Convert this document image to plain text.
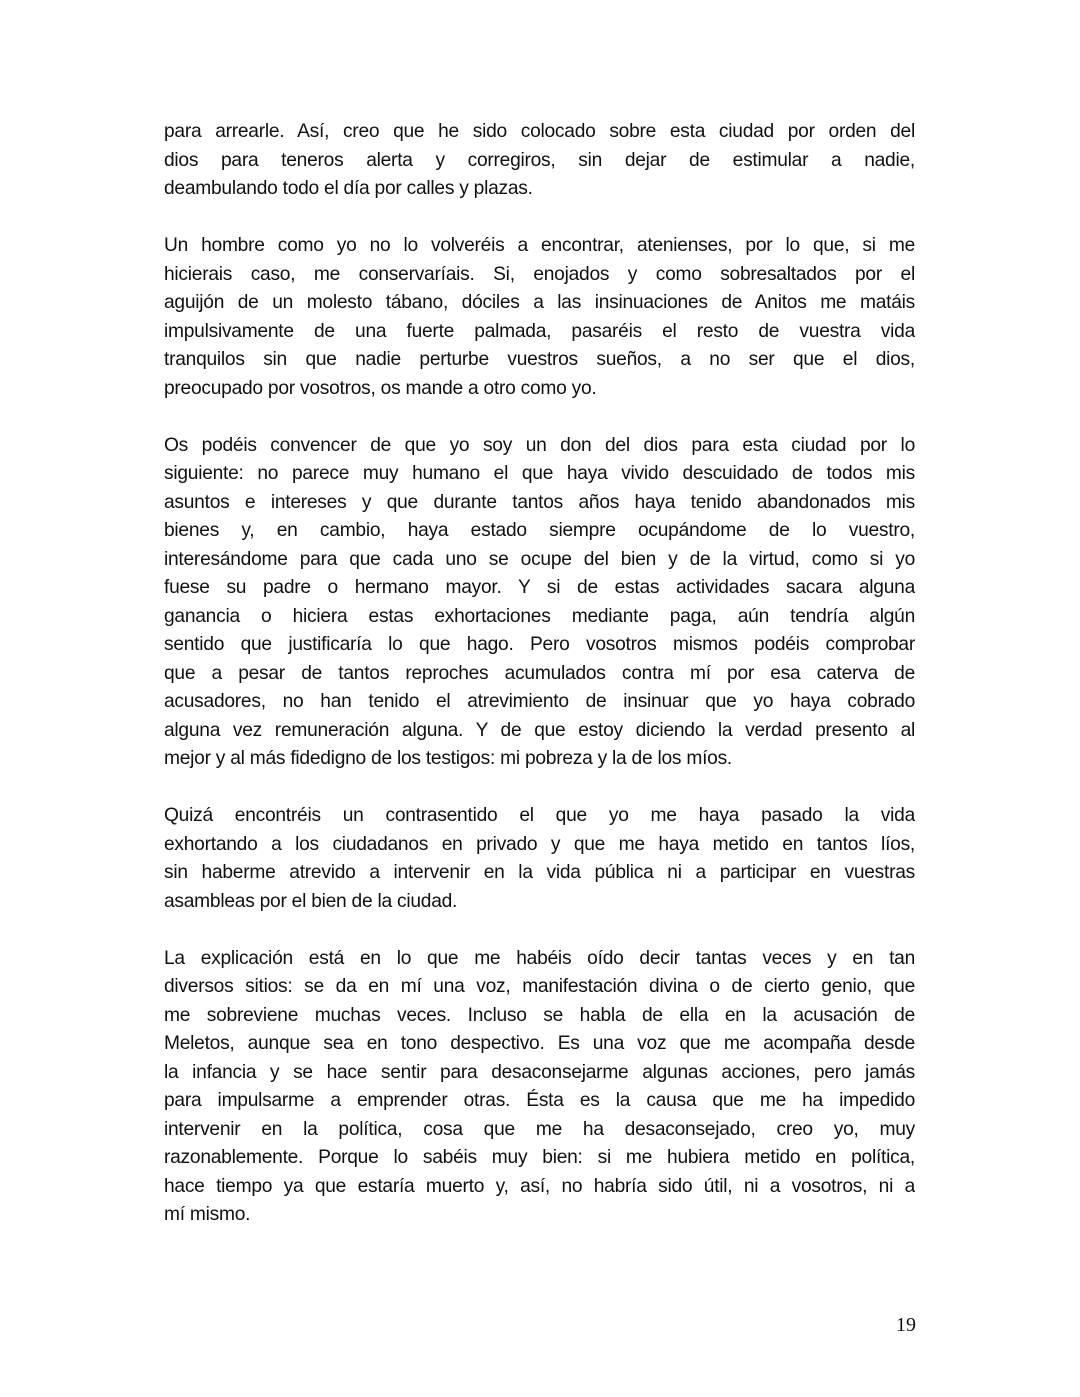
para arrearle. Así, creo que he sido colocado sobre esta ciudad por orden del
dios para teneros alerta y corregiros, sin dejar de estimular a nadie,
deambulando todo el día por calles y plazas.
Un hombre como yo no lo volveréis a encontrar, atenienses, por lo que, si me
hicierais caso, me conservaríais. Si, enojados y como sobresaltados por el
aguijón de un molesto tábano, dóciles a las insinuaciones de Anitos me matáis
impulsivamente de una fuerte palmada, pasaréis el resto de vuestra vida
tranquilos sin que nadie perturbe vuestros sueños, a no ser que el dios,
preocupado por vosotros, os mande a otro como yo.
Os podéis convencer de que yo soy un don del dios para esta ciudad por lo
siguiente: no parece muy humano el que haya vivido descuidado de todos mis
asuntos e intereses y que durante tantos años haya tenido abandonados mis
bienes y, en cambio, haya estado siempre ocupándome de lo vuestro,
interesándome para que cada uno se ocupe del bien y de la virtud, como si yo
fuese su padre o hermano mayor. Y si de estas actividades sacara alguna
ganancia o hiciera estas exhortaciones mediante paga, aún tendría algún
sentido que justificaría lo que hago. Pero vosotros mismos podéis comprobar
que a pesar de tantos reproches acumulados contra mí por esa caterva de
acusadores, no han tenido el atrevimiento de insinuar que yo haya cobrado
alguna vez remuneración alguna. Y de que estoy diciendo la verdad presento al
mejor y al más fidedigno de los testigos: mi pobreza y la de los míos.
Quizá encontréis un contrasentido el que yo me haya pasado la vida
exhortando a los ciudadanos en privado y que me haya metido en tantos líos,
sin haberme atrevido a intervenir en la vida pública ni a participar en vuestras
asambleas por el bien de la ciudad.
La explicación está en lo que me habéis oído decir tantas veces y en tan
diversos sitios: se da en mí una voz, manifestación divina o de cierto genio, que
me sobreviene muchas veces. Incluso se habla de ella en la acusación de
Meletos, aunque sea en tono despectivo. Es una voz que me acompaña desde
la infancia y se hace sentir para desaconsejarme algunas acciones, pero jamás
para impulsarme a emprender otras. Ésta es la causa que me ha impedido
intervenir en la política, cosa que me ha desaconsejado, creo yo, muy
razonablemente. Porque lo sabéis muy bien: si me hubiera metido en política,
hace tiempo ya que estaría muerto y, así, no habría sido útil, ni a vosotros, ni a
mí mismo.
19
